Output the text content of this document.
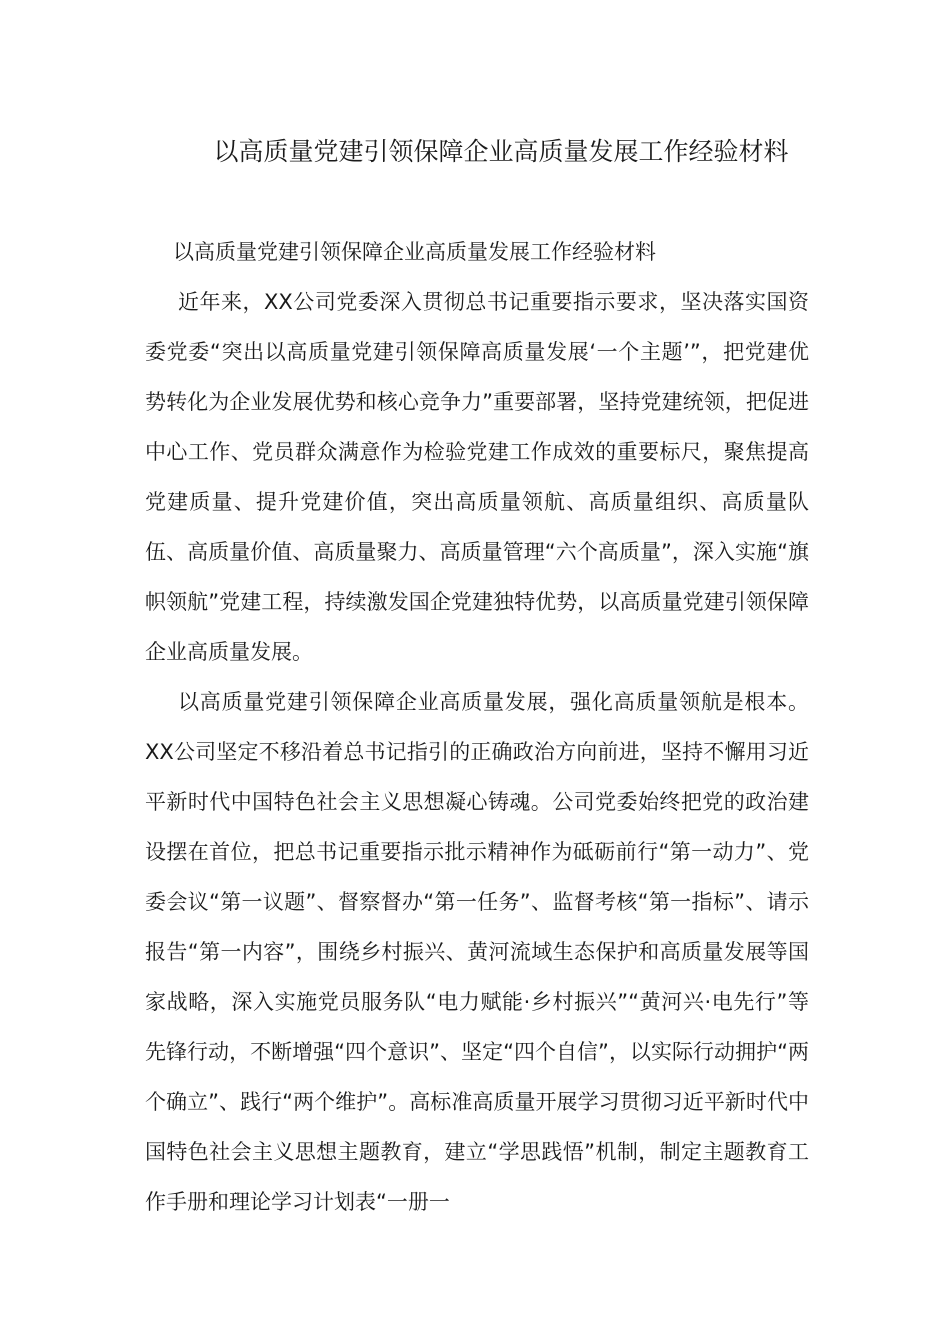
以高质量党建引领保障企业高质量发展工作经验材料

以高质量党建引领保障企业高质量发展工作经验材料

近年来，XX公司党委深入贯彻总书记重要指示要求，坚决落实国资委党委“突出以高质量党建引领保障高质量发展‘一个主题’”，把党建优势转化为企业发展优势和核心竞争力”重要部署，坚持党建统领，把促进中心工作、党员群众满意作为检验党建工作成效的重要标尺，聚焦提高党建质量、提升党建价值，突出高质量领航、高质量组织、高质量队伍、高质量价值、高质量聚力、高质量管理“六个高质量”，深入实施“旗帜领航”党建工程，持续激发国企党建独特优势，以高质量党建引领保障企业高质量发展。

以高质量党建引领保障企业高质量发展，强化高质量领航是根本。XX公司坚定不移沿着总书记指引的正确政治方向前进，坚持不懈用习近平新时代中国特色社会主义思想凝心铸魂。公司党委始终把党的政治建设摆在首位，把总书记重要指示批示精神作为砥砺前行“第一动力”、党委会议“第一议题”、督察督办“第一任务”、监督考核“第一指标”、请示报告“第一内容”，围绕乡村振兴、黄河流域生态保护和高质量发展等国家战略，深入实施党员服务队“电力赋能·乡村振兴”“黄河兴·电先行”等先锋行动，不断增强“四个意识”、坚定“四个自信”，以实际行动拥护“两个确立”、践行“两个维护”。高标准高质量开展学习贯彻习近平新时代中国特色社会主义思想主题教育，建立“学思践悟”机制，制定主题教育工作手册和理论学习计划表“一册一
